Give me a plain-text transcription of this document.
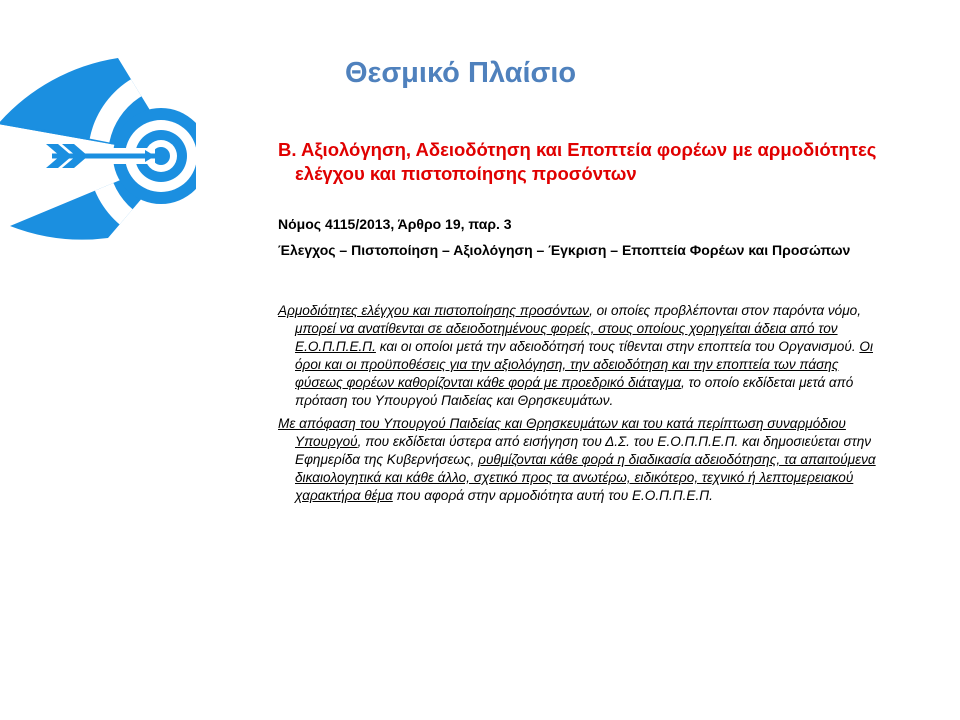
Θεσμικό Πλαίσιο
Β. Αξιολόγηση, Αδειοδότηση και Εποπτεία φορέων με αρμοδιότητες ελέγχου και πιστοποίησης προσόντων
Νόμος 4115/2013, Άρθρο 19, παρ. 3
Έλεγχος – Πιστοποίηση – Αξιολόγηση – Έγκριση – Εποπτεία Φορέων και Προσώπων

Αρμοδιότητες ελέγχου και πιστοποίησης προσόντων, οι οποίες προβλέπονται στον παρόντα νόμο, μπορεί να ανατίθενται σε αδειοδοτημένους φορείς, στους οποίους χορηγείται άδεια από τον Ε.Ο.Π.Π.Ε.Π. και οι οποίοι μετά την αδειοδότησή τους τίθενται στην εποπτεία του Οργανισμού. Οι όροι και οι προϋποθέσεις για την αξιολόγηση, την αδειοδότηση και την εποπτεία των πάσης φύσεως φορέων καθορίζονται κάθε φορά με προεδρικό διάταγμα, το οποίο εκδίδεται μετά από πρόταση του Υπουργού Παιδείας και Θρησκευμάτων.

Με απόφαση του Υπουργού Παιδείας και Θρησκευμάτων και του κατά περίπτωση συναρμόδιου Υπουργού, που εκδίδεται ύστερα από εισήγηση του Δ.Σ. του Ε.Ο.Π.Π.Ε.Π. και δημοσιεύεται στην Εφημερίδα της Κυβερνήσεως, ρυθμίζονται κάθε φορά η διαδικασία αδειοδότησης, τα απαιτούμενα δικαιολογητικά και κάθε άλλο, σχετικό προς τα ανωτέρω, ειδικότερο, τεχνικό ή λεπτομερειακού χαρακτήρα θέμα που αφορά στην αρμοδιότητα αυτή του Ε.Ο.Π.Π.Ε.Π.
